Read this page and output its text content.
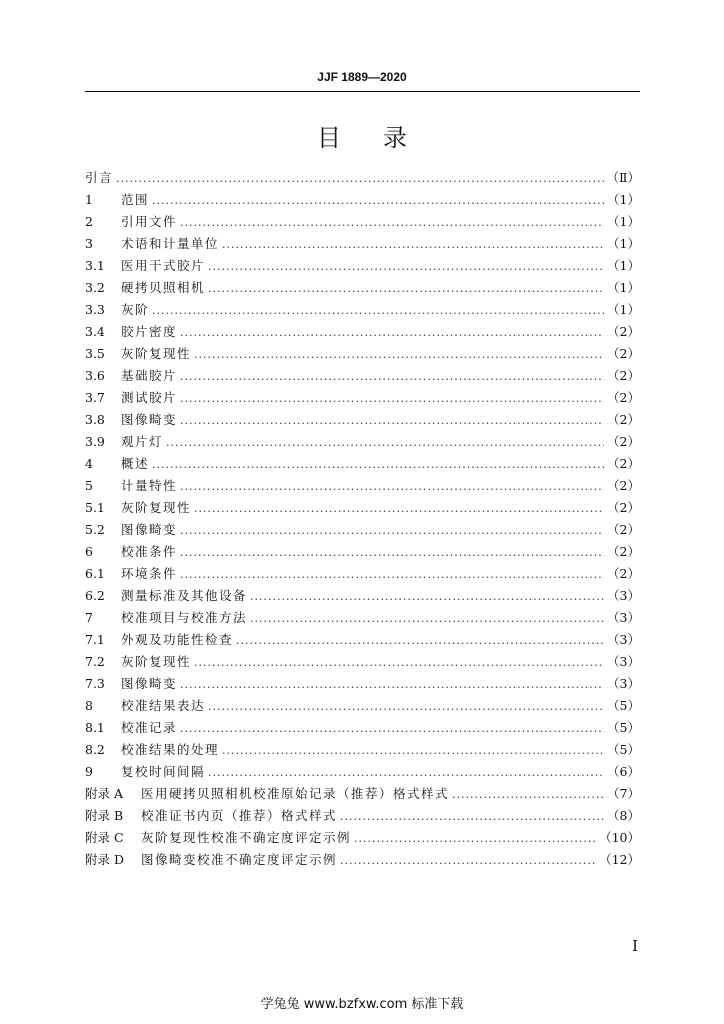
JJF 1889—2020
目录
引言 ·····	（Ⅱ）
1	范围 ·····	（1）
2	引用文件 ·····	（1）
3	术语和计量单位 ·····	（1）
3.1	医用干式胶片 ·····	（1）
3.2	硬拷贝照相机 ·····	（1）
3.3	灰阶 ·····	（1）
3.4	胶片密度 ·····	（2）
3.5	灰阶复现性 ·····	（2）
3.6	基础胶片 ·····	（2）
3.7	测试胶片 ·····	（2）
3.8	图像畸变 ·····	（2）
3.9	观片灯 ·····	（2）
4	概述 ·····	（2）
5	计量特性 ·····	（2）
5.1	灰阶复现性 ·····	（2）
5.2	图像畸变 ·····	（2）
6	校准条件 ·····	（2）
6.1	环境条件 ·····	（2）
6.2	测量标准及其他设备 ·····	（3）
7	校准项目与校准方法 ·····	（3）
7.1	外观及功能性检查 ·····	（3）
7.2	灰阶复现性 ·····	（3）
7.3	图像畸变 ·····	（3）
8	校准结果表达 ·····	（5）
8.1	校准记录 ·····	（5）
8.2	校准结果的处理 ·····	（5）
9	复校时间间隔 ·····	（6）
附录 A	医用硬拷贝照相机校准原始记录（推荐）格式样式 ·····	（7）
附录 B	校准证书内页（推荐）格式样式 ·····	（8）
附录 C	灰阶复现性校准不确定度评定示例 ·····	（10）
附录 D	图像畸变校准不确定度评定示例 ·····	（12）
Ⅰ
学兔兔 www.bzfxw.com 标准下载
